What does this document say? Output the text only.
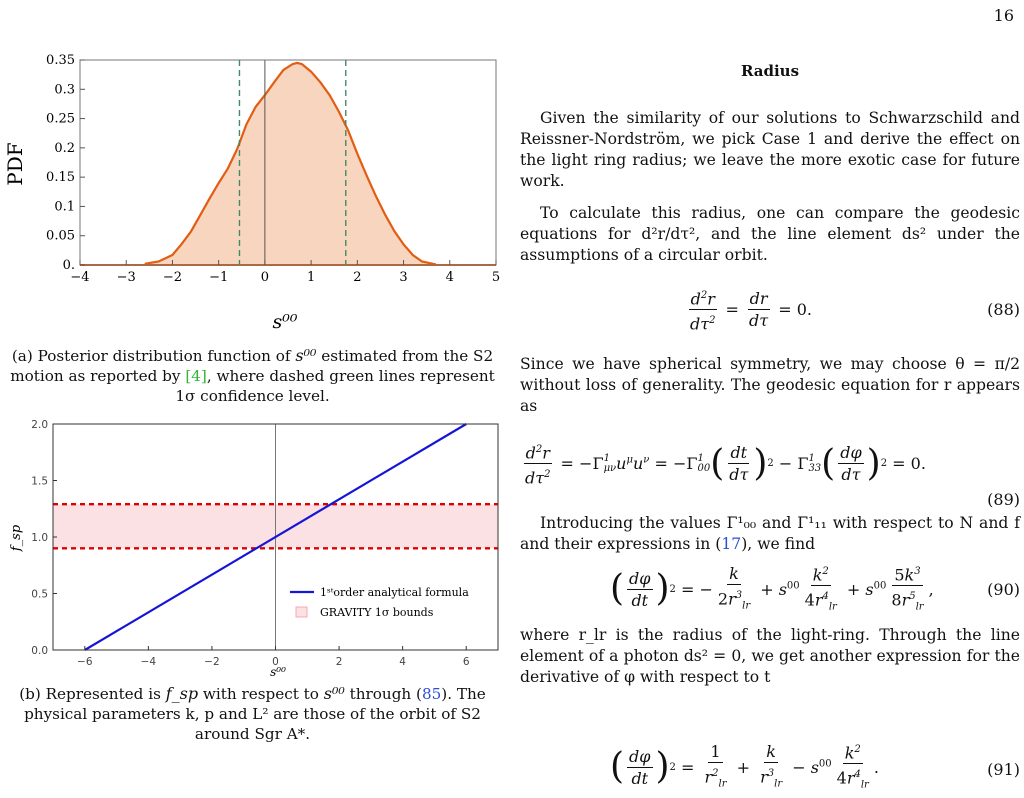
16
−4 −3 −2 −1 0	1	2	3	4	5
0.
0.05
0.1
0.15
0.2
0.25
0.3
0.35
s⁰⁰
PDF
(a) Posterior distribution function of s⁰⁰ estimated from the S2 motion as reported by [4], where dashed green lines represent 1σ confidence level.
−6	−4	−2	0	2	4	6
0.0
0.5
1.0
1.5
2.0
s⁰⁰
f_sp
1ˢᵗorder analytical formula
GRAVITY 1σ bounds
(b) Represented is f_sp with respect to s⁰⁰ through (85). The physical parameters k, p and L² are those of the orbit of S2 around Sgr A*.
Radius

Given the similarity of our solutions to Schwarzschild and Reissner-Nordström, we pick Case 1 and derive the effect on the light ring radius; we leave the more exotic case for future work.

To calculate this radius, one can compare the geodesic equations for d²r/dτ², and the line element ds² under the assumptions of a circular orbit.

$\frac{d^2r}{d\tau^2} = \frac{dr}{d\tau} = 0$.	(88)

Since we have spherical symmetry, we may choose θ = π/2 without loss of generality. The geodesic equation for r appears as

$\frac{d^2r}{d\tau^2} = -\Gamma$ 1
μν $u^\mu u^\nu = -\Gamma$ 1
00 ( $\frac{dt}{d\tau}$ ) 2 − Γ 1
33 ( $\frac{d\varphi}{d\tau}$ ) 2 = 0.
(89)

Introducing the values Γ¹₀₀ and Γ¹₁₁ with respect to N and f and their expressions in (17), we find

( $\frac{d\varphi}{dt}$ ) 2 = − $\frac{k}{2r^3_{lr}} + s^{00} \frac{k^2}{4r^4_{lr}} + s^{00} \frac{5k^3}{8r^5_{lr}}$ ,	(90)

where r_lr is the radius of the light-ring. Through the line element of a photon ds² = 0, we get another expression for the derivative of φ with respect to t

( $\frac{d\varphi}{dt}$ ) $2 = \frac{1}{r^2_{lr}} + \frac{k}{r^3_{lr}} - s^{00} \frac{k^2}{4r^4_{lr}}$ .	(91)
